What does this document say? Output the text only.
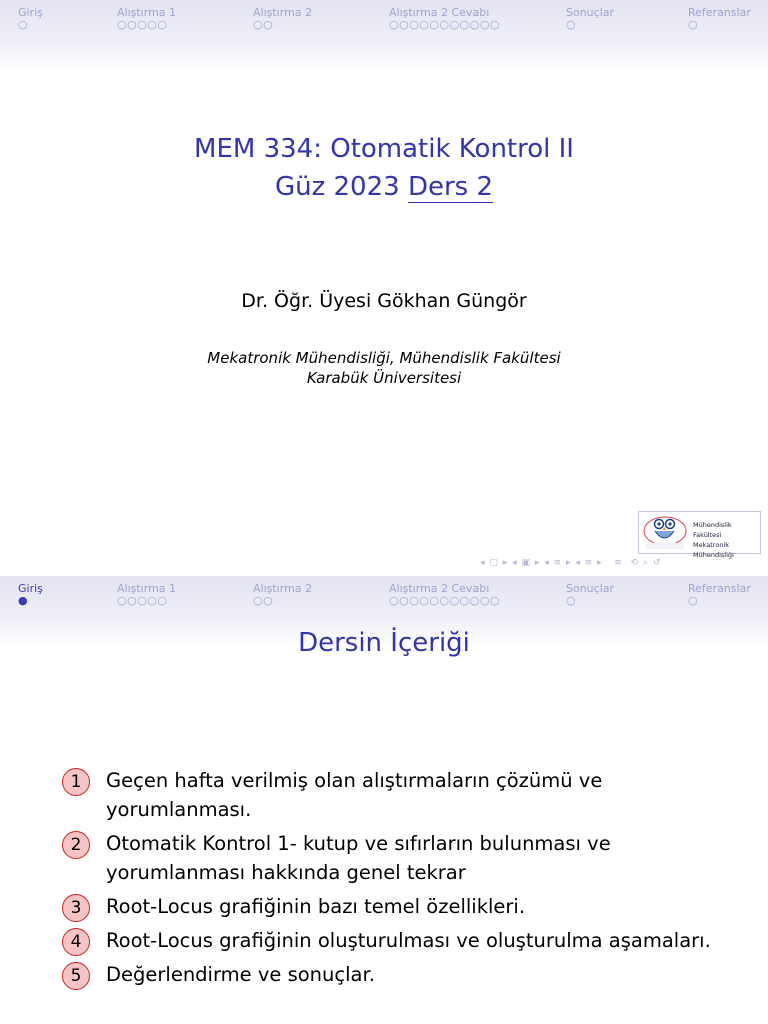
Giriş
○
Alıştırma 1
○○○○○
Alıştırma 2
○○
Alıştırma 2 Cevabı
○○○○○○○○○○○
Sonuçlar
○
Referanslar
○
MEM 334: Otomatik Kontrol II
Güz 2023 Ders 2
Dr. Öğr. Üyesi Gökhan Güngör
Mekatronik Mühendisliği, Mühendislik Fakültesi
Karabük Üniversitesi
Mühendislik Fakültesi
Mekatronik Mühendisliği
◂ ▢ ▸ ◂ ▣ ▸ ◂ ≡ ▸ ◂ ≡ ▸   ≡  ⟲ ⌕ ↺
Giriş
●
Alıştırma 1
○○○○○
Alıştırma 2
○○
Alıştırma 2 Cevabı
○○○○○○○○○○○
Sonuçlar
○
Referanslar
○
Dersin İçeriği
1	Geçen hafta verilmiş olan alıştırmaların çözümü ve yorumlanması.
2	Otomatik Kontrol 1- kutup ve sıfırların bulunması ve yorumlanması hakkında genel tekrar
3	Root-Locus grafiğinin bazı temel özellikleri.
4	Root-Locus grafiğinin oluşturulması ve oluşturulma aşamaları.
5	Değerlendirme ve sonuçlar.
